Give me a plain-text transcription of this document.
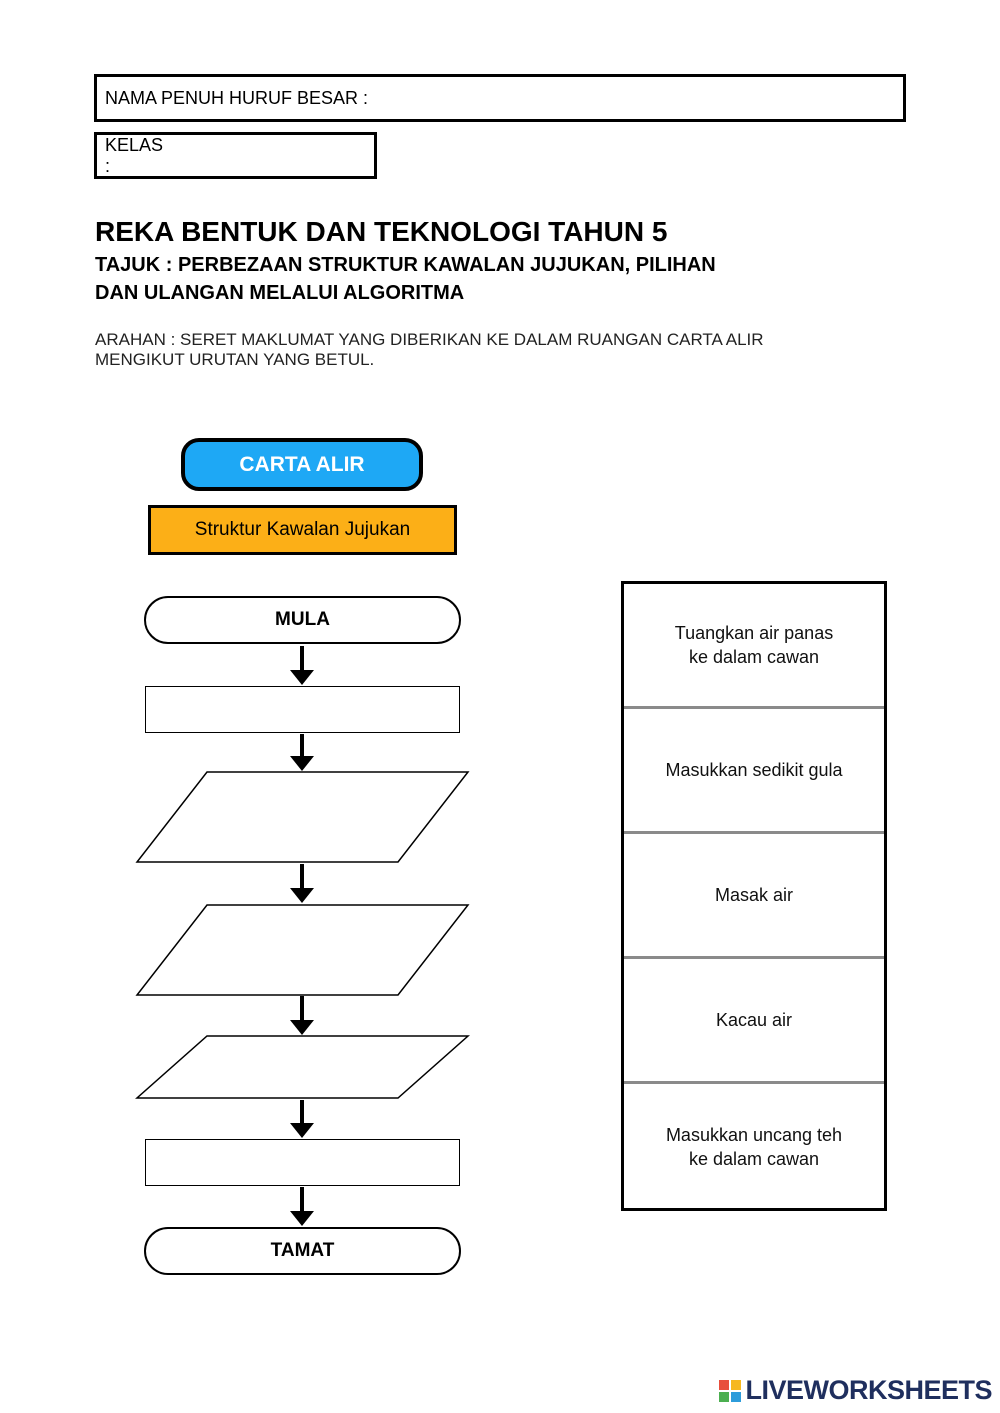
NAMA PENUH HURUF BESAR :
KELAS :
REKA BENTUK DAN TEKNOLOGI TAHUN 5
TAJUK : PERBEZAAN STRUKTUR KAWALAN JUJUKAN, PILIHAN
DAN ULANGAN MELALUI ALGORITMA
ARAHAN : SERET MAKLUMAT YANG DIBERIKAN KE DALAM RUANGAN CARTA ALIR
MENGIKUT URUTAN YANG BETUL.
CARTA ALIR
Struktur Kawalan Jujukan
MULA
TAMAT
Tuangkan air panas
ke dalam cawan
Masukkan sedikit gula
Masak air
Kacau air
Masukkan uncang teh
ke dalam cawan
LIVEWORKSHEETS
